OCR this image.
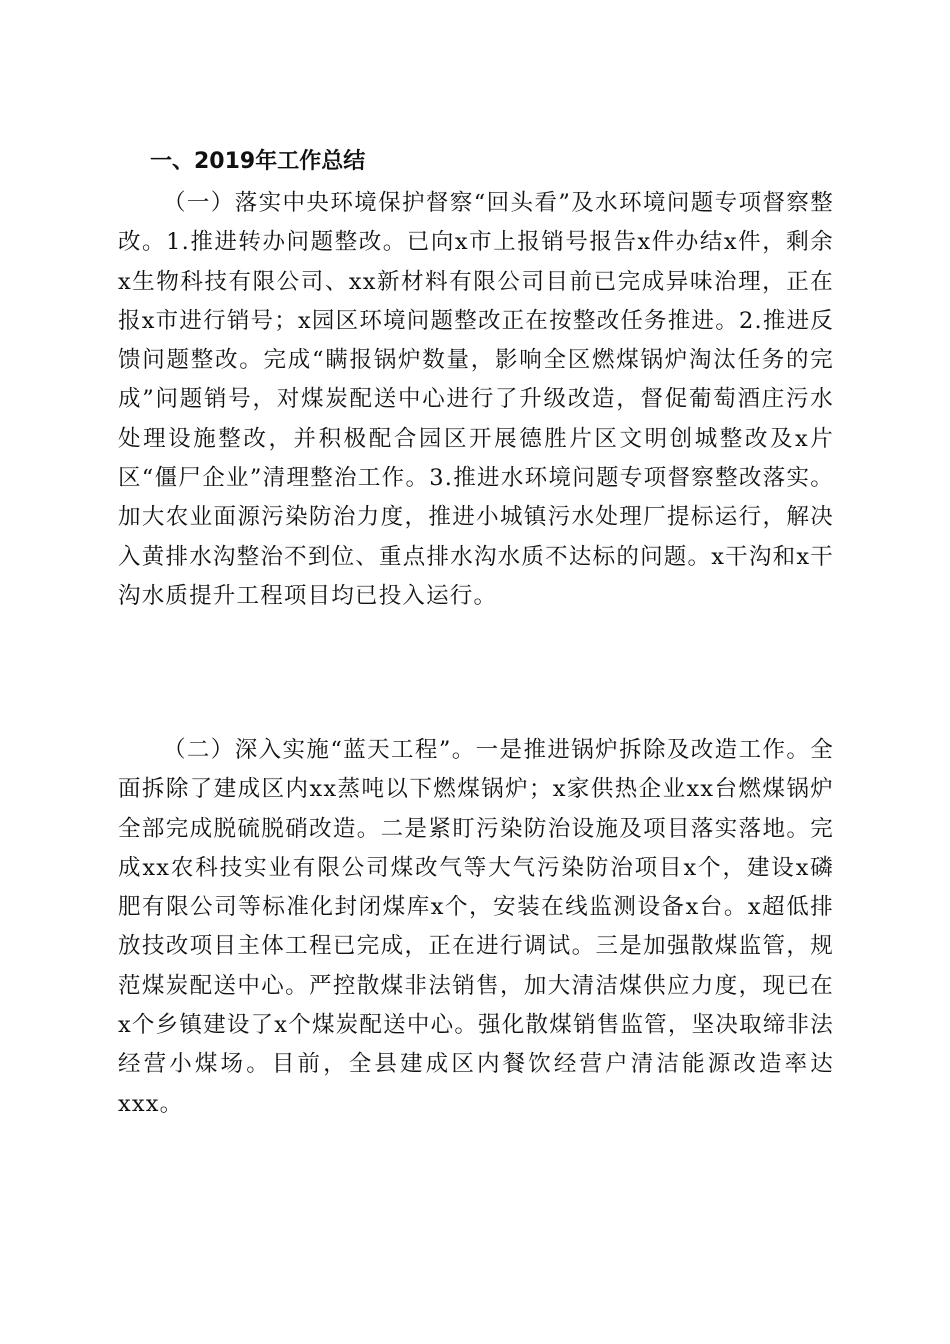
一、2019年工作总结

（一）落实中央环境保护督察“回头看”及水环境问题专项督察整改。1.推进转办问题整改。已向x市上报销号报告x件办结x件，剩余x生物科技有限公司、xx新材料有限公司目前已完成异味治理，正在报x市进行销号；x园区环境问题整改正在按整改任务推进。2.推进反馈问题整改。完成“瞒报锅炉数量，影响全区燃煤锅炉淘汰任务的完成”问题销号，对煤炭配送中心进行了升级改造，督促葡萄酒庄污水处理设施整改，并积极配合园区开展德胜片区文明创城整改及x片区“僵尸企业”清理整治工作。3.推进水环境问题专项督察整改落实。加大农业面源污染防治力度，推进小城镇污水处理厂提标运行，解决入黄排水沟整治不到位、重点排水沟水质不达标的问题。x干沟和x干沟水质提升工程项目均已投入运行。

（二）深入实施“蓝天工程”。一是推进锅炉拆除及改造工作。全面拆除了建成区内xx蒸吨以下燃煤锅炉；x家供热企业xx台燃煤锅炉全部完成脱硫脱硝改造。二是紧盯污染防治设施及项目落实落地。完成xx农科技实业有限公司煤改气等大气污染防治项目x个，建设x磷肥有限公司等标准化封闭煤库x个，安装在线监测设备x台。x超低排放技改项目主体工程已完成，正在进行调试。三是加强散煤监管，规范煤炭配送中心。严控散煤非法销售，加大清洁煤供应力度，现已在x个乡镇建设了x个煤炭配送中心。强化散煤销售监管，坚决取缔非法经营小煤场。目前，全县建成区内餐饮经营户清洁能源改造率达xxx。
